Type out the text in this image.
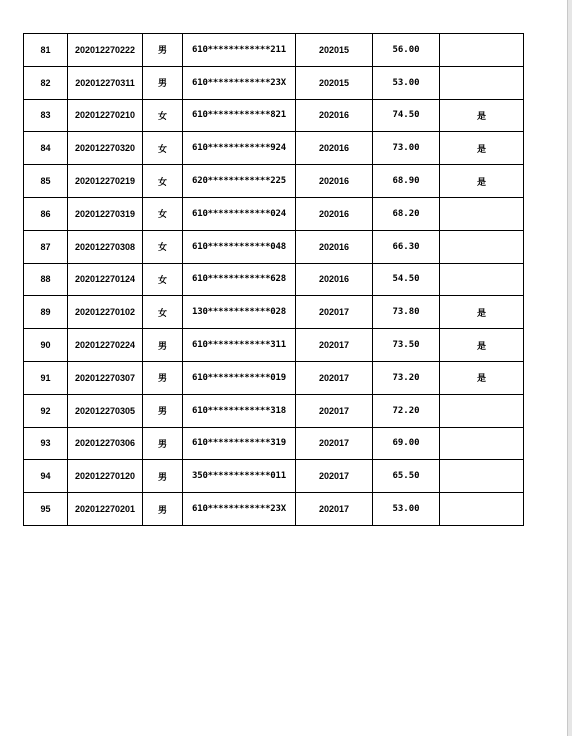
81	202012270222	男	610************211	202015	56.00	
82	202012270311	男	610************23X	202015	53.00	
83	202012270210	女	610************821	202016	74.50	是
84	202012270320	女	610************924	202016	73.00	是
85	202012270219	女	620************225	202016	68.90	是
86	202012270319	女	610************024	202016	68.20	
87	202012270308	女	610************048	202016	66.30	
88	202012270124	女	610************628	202016	54.50	
89	202012270102	女	130************028	202017	73.80	是
90	202012270224	男	610************311	202017	73.50	是
91	202012270307	男	610************019	202017	73.20	是
92	202012270305	男	610************318	202017	72.20	
93	202012270306	男	610************319	202017	69.00	
94	202012270120	男	350************011	202017	65.50	
95	202012270201	男	610************23X	202017	53.00	
